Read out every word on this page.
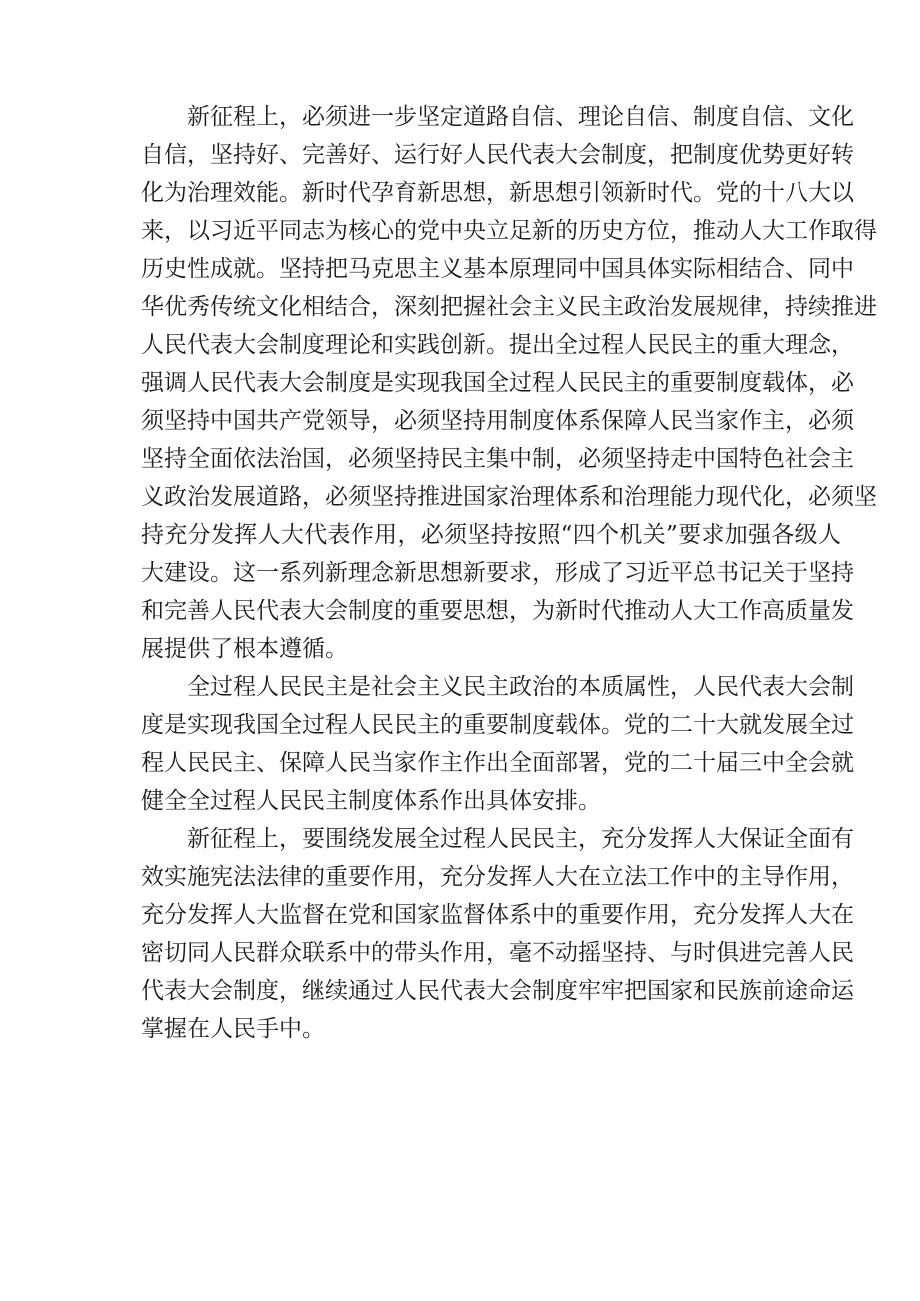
新征程上，必须进一步坚定道路自信、理论自信、制度自信、文化
自信，坚持好、完善好、运行好人民代表大会制度，把制度优势更好转
化为治理效能。新时代孕育新思想，新思想引领新时代。党的十八大以
来，以习近平同志为核心的党中央立足新的历史方位，推动人大工作取得
历史性成就。坚持把马克思主义基本原理同中国具体实际相结合、同中
华优秀传统文化相结合，深刻把握社会主义民主政治发展规律，持续推进
人民代表大会制度理论和实践创新。提出全过程人民民主的重大理念，
强调人民代表大会制度是实现我国全过程人民民主的重要制度载体，必
须坚持中国共产党领导，必须坚持用制度体系保障人民当家作主，必须
坚持全面依法治国，必须坚持民主集中制，必须坚持走中国特色社会主
义政治发展道路，必须坚持推进国家治理体系和治理能力现代化，必须坚
持充分发挥人大代表作用，必须坚持按照“四个机关”要求加强各级人
大建设。这一系列新理念新思想新要求，形成了习近平总书记关于坚持
和完善人民代表大会制度的重要思想，为新时代推动人大工作高质量发
展提供了根本遵循。
全过程人民民主是社会主义民主政治的本质属性，人民代表大会制
度是实现我国全过程人民民主的重要制度载体。党的二十大就发展全过
程人民民主、保障人民当家作主作出全面部署，党的二十届三中全会就
健全全过程人民民主制度体系作出具体安排。
新征程上，要围绕发展全过程人民民主，充分发挥人大保证全面有
效实施宪法法律的重要作用，充分发挥人大在立法工作中的主导作用，
充分发挥人大监督在党和国家监督体系中的重要作用，充分发挥人大在
密切同人民群众联系中的带头作用，毫不动摇坚持、与时俱进完善人民
代表大会制度，继续通过人民代表大会制度牢牢把国家和民族前途命运
掌握在人民手中。
